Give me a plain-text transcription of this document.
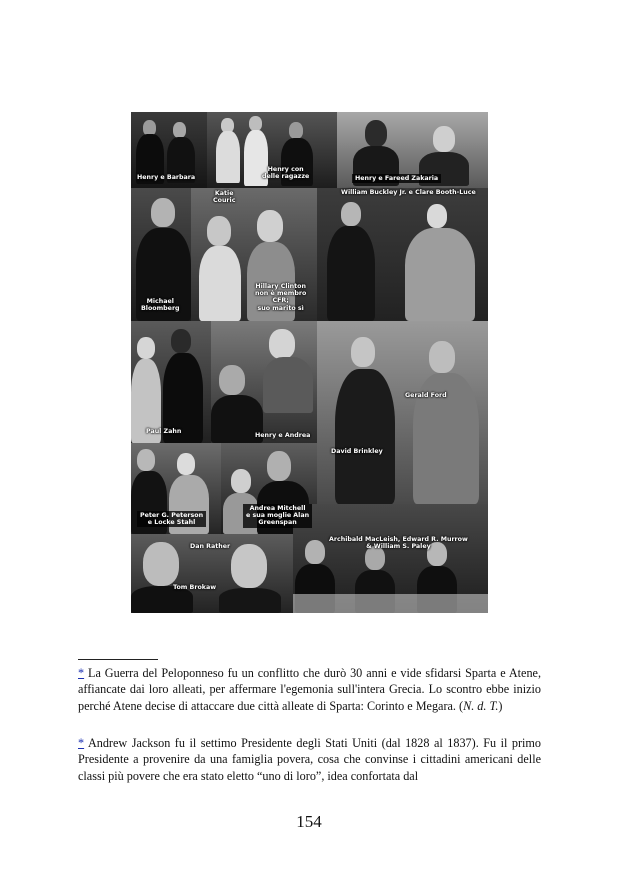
Henry e Barbara
Henry con
delle ragazze	Henry e Fareed Zakaria
Katie
Couric
William Buckley Jr. e Clare Booth-Luce
Michael
Bloomberg
Hillary Clinton
non è membro
CFR;
suo marito sì
Paul Zahn
Henry e Andrea
Gerald Ford
David Brinkley
Peter G. Peterson
e Locke Stahl
Andrea Mitchell
e sua moglie Alan
Greenspan
Dan Rather
Tom Brokaw
Archibald MacLeish, Edward R. Murrow
& William S. Paley

* La Guerra del Peloponneso fu un conflitto che durò 30 anni e vide sfidarsi Sparta e Atene, affiancate dai loro alleati, per affermare l'egemonia sull'intera Grecia. Lo scontro ebbe inizio perché Atene decise di attaccare due città alleate di Sparta: Corinto e Megara. (N. d. T.)

* Andrew Jackson fu il settimo Presidente degli Stati Uniti (dal 1828 al 1837). Fu il primo Presidente a provenire da una famiglia povera, cosa che convinse i cittadini americani delle classi più povere che era stato eletto “uno di loro”, idea confortata dal

154
